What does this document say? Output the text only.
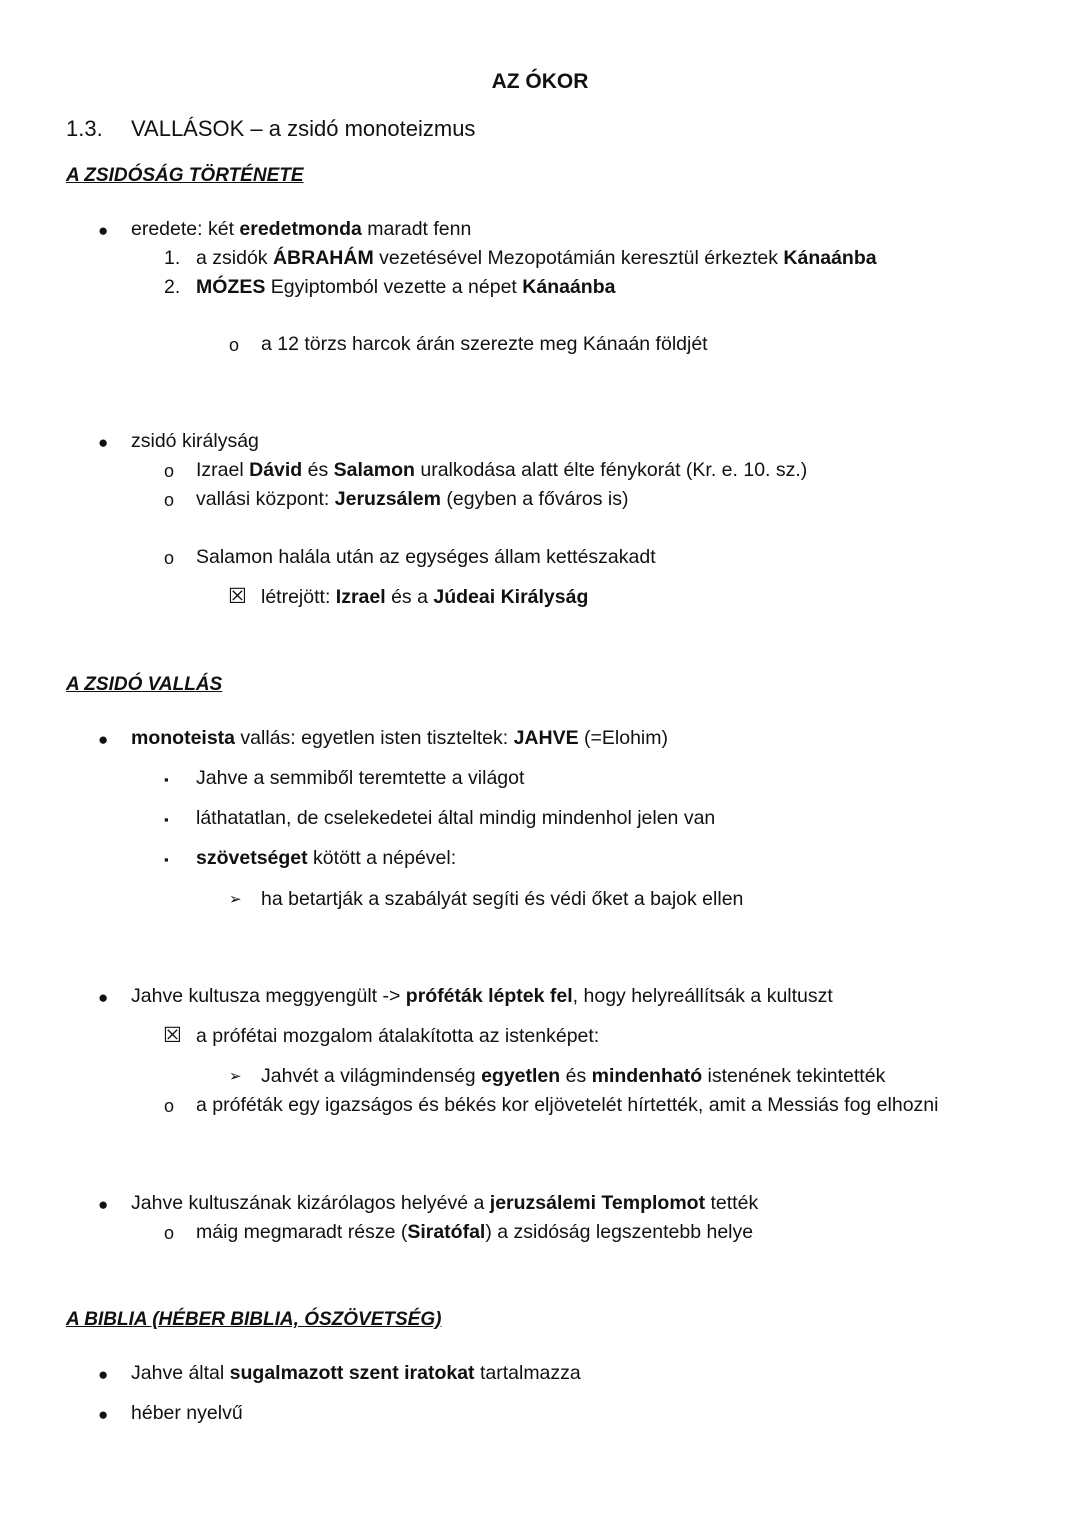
AZ ÓKOR
1.3. VALLÁSOK – a zsidó monoteizmus
A ZSIDÓSÁG TÖRTÉNETE
● eredete: két eredetmonda maradt fenn
1. a zsidók ÁBRAHÁM vezetésével Mezopotámián keresztül érkeztek Kánaánba
2. MÓZES Egyiptomból vezette a népet Kánaánba
o a 12 törzs harcok árán szerezte meg Kánaán földjét
● zsidó királyság
o Izrael Dávid és Salamon uralkodása alatt élte fénykorát (Kr. e. 10. sz.)
o vallási központ: Jeruzsálem (egyben a főváros is)
o Salamon halála után az egységes állam kettészakadt
☒ létrejött: Izrael és a Júdeai Királyság
A ZSIDÓ VALLÁS
● monoteista vallás: egyetlen isten tiszteltek: JAHVE (=Elohim)
▪ Jahve a semmiből teremtette a világot
▪ láthatatlan, de cselekedetei által mindig mindenhol jelen van
▪ szövetséget kötött a népével:
➢ ha betartják a szabályát segíti és védi őket a bajok ellen
● Jahve kultusza meggyengült -> próféták léptek fel, hogy helyreállítsák a kultuszt
☒ a prófétai mozgalom átalakította az istenképet:
➢ Jahvét a világmindenség egyetlen és mindenható istenének tekintették
o a próféták egy igazságos és békés kor eljövetelét hírtették, amit a Messiás fog elhozni
● Jahve kultuszának kizárólagos helyévé a jeruzsálemi Templomot tették
o máig megmaradt része (Siratófal) a zsidóság legszentebb helye
A BIBLIA (HÉBER BIBLIA, ÓSZÖVETSÉG)
● Jahve által sugalmazott szent iratokat tartalmazza
● héber nyelvű
